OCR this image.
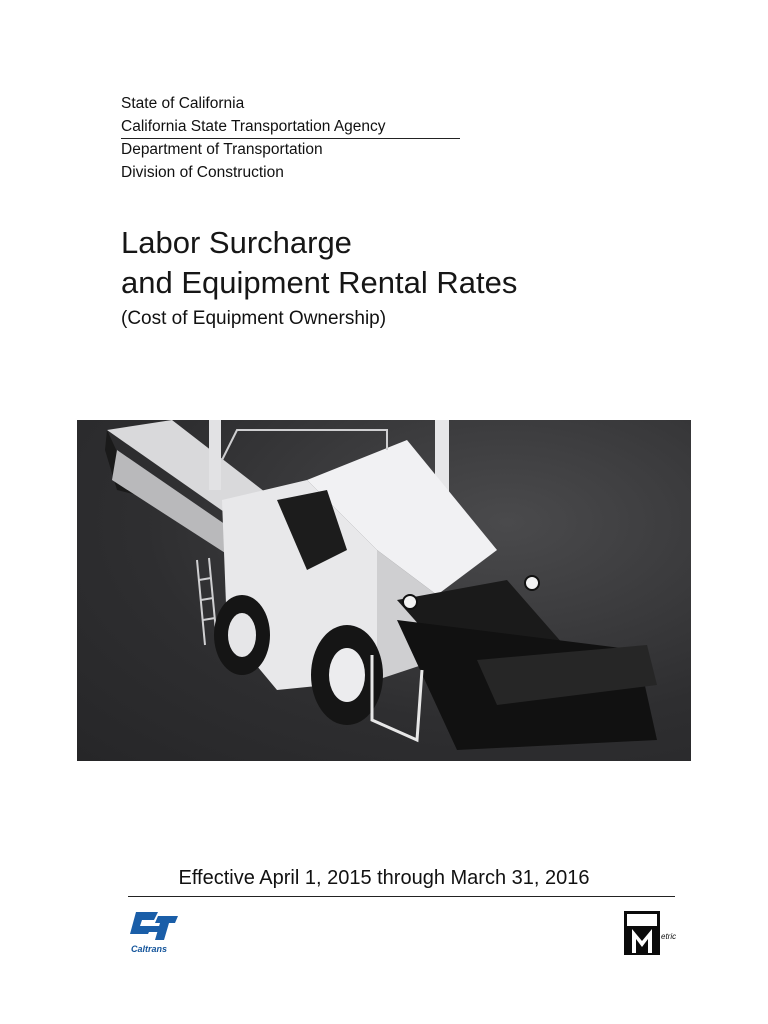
State of California
California State Transportation Agency
Department of Transportation
Division of Construction
Labor Surcharge
and Equipment Rental Rates
(Cost of Equipment Ownership)
Effective April 1, 2015 through March 31, 2016
Caltrans
etric
